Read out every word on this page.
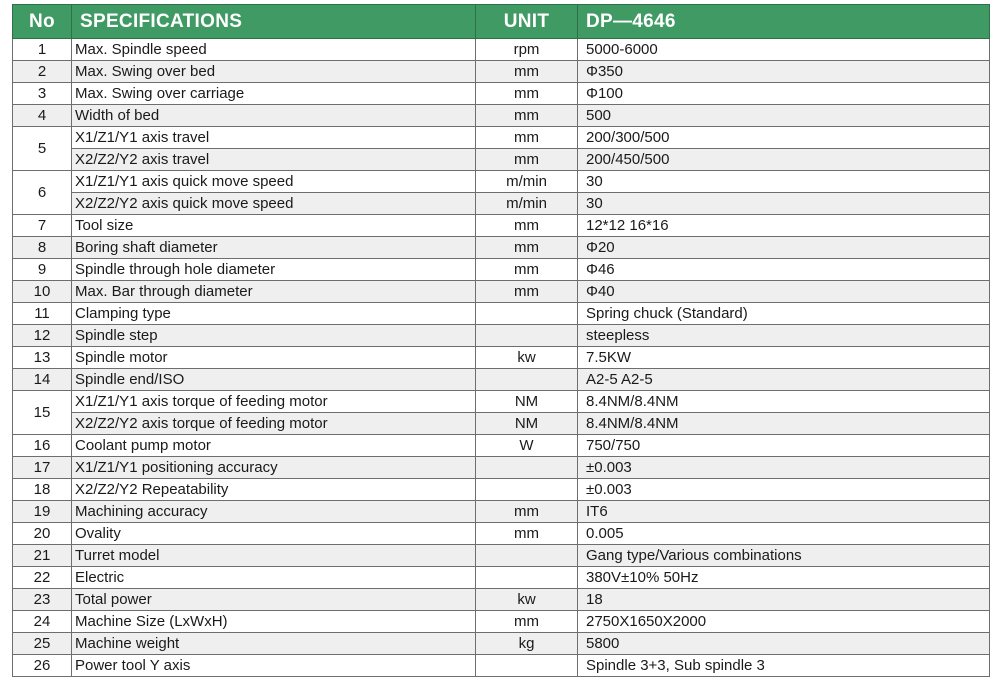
No	SPECIFICATIONS	UNIT	DP—4646
1	Max. Spindle speed	rpm	5000-6000
2	Max. Swing over bed	mm	Φ350
3	Max. Swing over carriage	mm	Φ100
4	Width of bed	mm	500
5	X1/Z1/Y1 axis travel	mm	200/300/500
	X2/Z2/Y2 axis travel	mm	200/450/500
6	X1/Z1/Y1 axis quick move speed	m/min	30
	X2/Z2/Y2 axis quick move speed	m/min	30
7	Tool size	mm	12*12 16*16
8	Boring shaft diameter	mm	Φ20
9	Spindle through hole diameter	mm	Φ46
10	Max. Bar through diameter	mm	Φ40
11	Clamping type		Spring chuck (Standard)
12	Spindle step		steepless
13	Spindle motor	kw	7.5KW
14	Spindle end/ISO		A2-5 A2-5
15	X1/Z1/Y1 axis torque of feeding motor	NM	8.4NM/8.4NM
	X2/Z2/Y2 axis torque of feeding motor	NM	8.4NM/8.4NM
16	Coolant pump motor	W	750/750
17	X1/Z1/Y1 positioning accuracy		±0.003
18	X2/Z2/Y2 Repeatability		±0.003
19	Machining accuracy	mm	IT6
20	Ovality	mm	0.005
21	Turret model		Gang type/Various combinations
22	Electric		380V±10% 50Hz
23	Total power	kw	18
24	Machine Size (LxWxH)	mm	2750X1650X2000
25	Machine weight	kg	5800
26	Power tool Y axis		Spindle 3+3, Sub spindle 3
